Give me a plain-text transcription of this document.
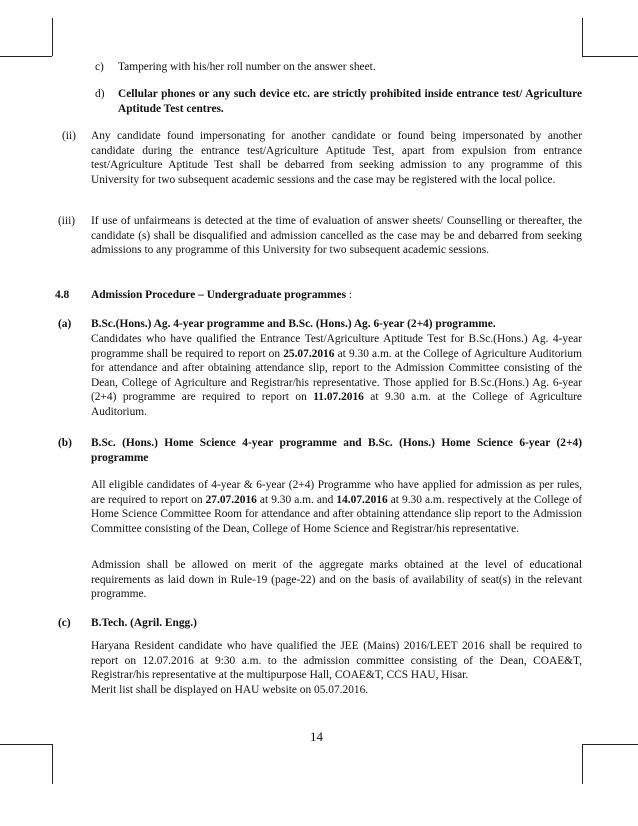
c) Tampering with his/her roll number on the answer sheet.
d) Cellular phones or any such device etc. are strictly prohibited inside entrance test/ Agriculture Aptitude Test centres.
(ii) Any candidate found impersonating for another candidate or found being impersonated by another candidate during the entrance test/Agriculture Aptitude Test, apart from expulsion from entrance test/Agriculture Aptitude Test shall be debarred from seeking admission to any programme of this University for two subsequent academic sessions and the case may be registered with the local police.
(iii) If use of unfairmeans is detected at the time of evaluation of answer sheets/ Counselling or thereafter, the candidate (s) shall be disqualified and admission cancelled as the case may be and debarred from seeking admissions to any programme of this University for two subsequent academic sessions.
4.8 Admission Procedure – Undergraduate programmes :
(a) B.Sc.(Hons.) Ag. 4-year programme and B.Sc. (Hons.) Ag. 6-year (2+4) programme.
Candidates who have qualified the Entrance Test/Agriculture Aptitude Test for B.Sc.(Hons.) Ag. 4-year programme shall be required to report on 25.07.2016 at 9.30 a.m. at the College of Agriculture Auditorium for attendance and after obtaining attendance slip, report to the Admission Committee consisting of the Dean, College of Agriculture and Registrar/his representative. Those applied for B.Sc.(Hons.) Ag. 6-year (2+4) programme are required to report on 11.07.2016 at 9.30 a.m. at the College of Agriculture Auditorium.
(b) B.Sc. (Hons.) Home Science 4-year programme and B.Sc. (Hons.) Home Science 6-year (2+4) programme
All eligible candidates of 4-year & 6-year (2+4) Programme who have applied for admission as per rules, are required to report on 27.07.2016 at 9.30 a.m. and 14.07.2016 at 9.30 a.m. respectively at the College of Home Science Committee Room for attendance and after obtaining attendance slip report to the Admission Committee consisting of the Dean, College of Home Science and Registrar/his representative.
Admission shall be allowed on merit of the aggregate marks obtained at the level of educational requirements as laid down in Rule-19 (page-22) and on the basis of availability of seat(s) in the relevant programme.
(c) B.Tech. (Agril. Engg.)
Haryana Resident candidate who have qualified the JEE (Mains) 2016/LEET 2016 shall be required to report on 12.07.2016 at 9:30 a.m. to the admission committee consisting of the Dean, COAE&T, Registrar/his representative at the multipurpose Hall, COAE&T, CCS HAU, Hisar.
Merit list shall be displayed on HAU website on 05.07.2016.
14
